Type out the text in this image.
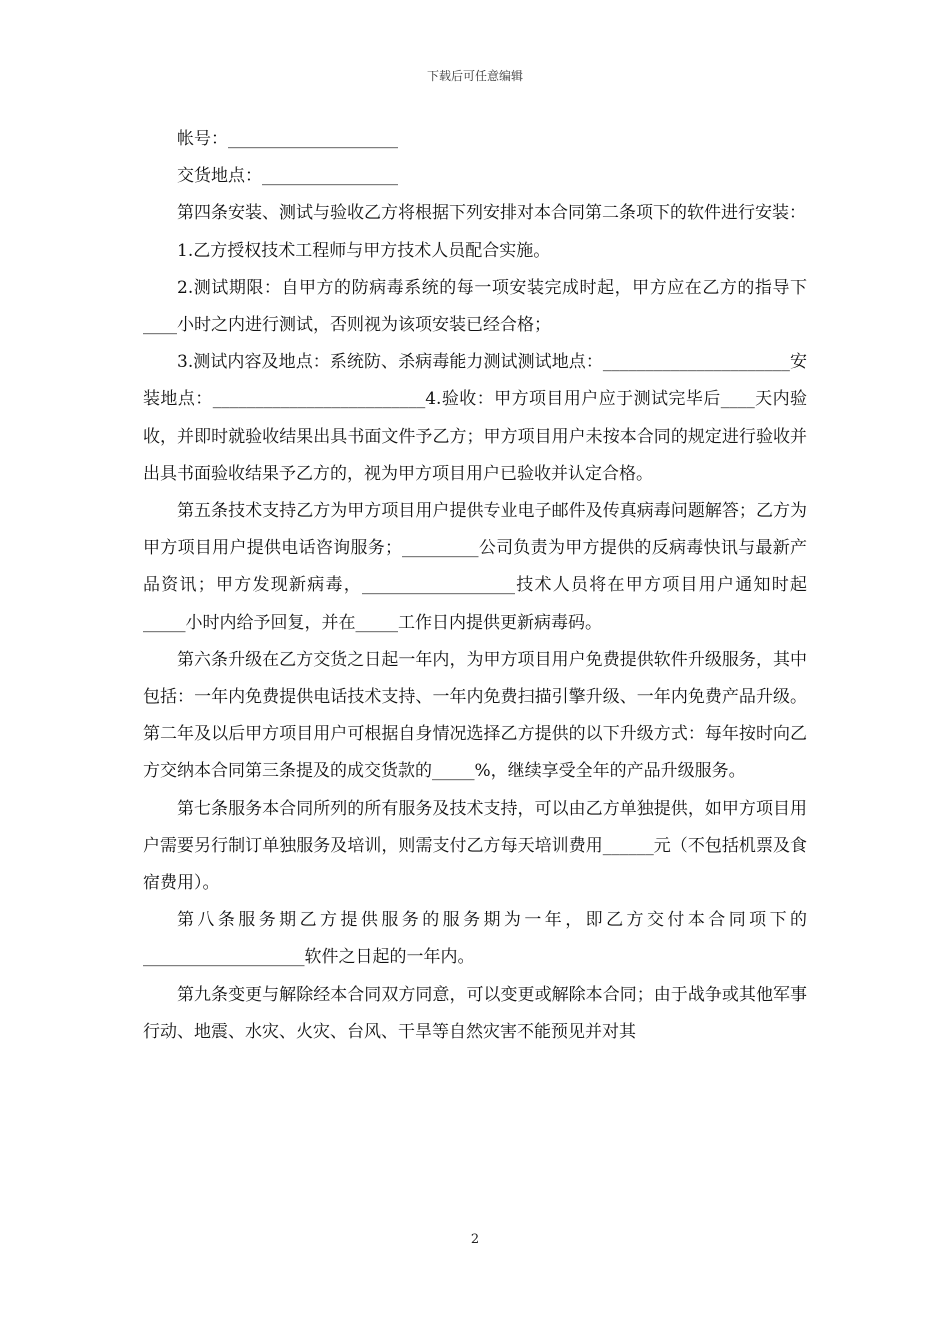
下载后可任意编辑

帐号：____________________

交货地点：________________

第四条安装、测试与验收乙方将根据下列安排对本合同第二条项下的软件进行安装：

1.乙方授权技术工程师与甲方技术人员配合实施。

2.测试期限：自甲方的防病毒系统的每一项安装完成时起，甲方应在乙方的指导下____小时之内进行测试，否则视为该项安装已经合格；

3.测试内容及地点：系统防、杀病毒能力测试测试地点：______________________安装地点：_________________________4.验收：甲方项目用户应于测试完毕后____天内验收，并即时就验收结果出具书面文件予乙方；甲方项目用户未按本合同的规定进行验收并出具书面验收结果予乙方的，视为甲方项目用户已验收并认定合格。

第五条技术支持乙方为甲方项目用户提供专业电子邮件及传真病毒问题解答；乙方为甲方项目用户提供电话咨询服务；_________公司负责为甲方提供的反病毒快讯与最新产品资讯；甲方发现新病毒，__________________技术人员将在甲方项目用户通知时起_____小时内给予回复，并在_____工作日内提供更新病毒码。

第六条升级在乙方交货之日起一年内，为甲方项目用户免费提供软件升级服务，其中包括：一年内免费提供电话技术支持、一年内免费扫描引擎升级、一年内免费产品升级。第二年及以后甲方项目用户可根据自身情况选择乙方提供的以下升级方式：每年按时向乙方交纳本合同第三条提及的成交货款的_____%，继续享受全年的产品升级服务。

第七条服务本合同所列的所有服务及技术支持，可以由乙方单独提供，如甲方项目用户需要另行制订单独服务及培训，则需支付乙方每天培训费用______元（不包括机票及食宿费用）。

第八条服务期乙方提供服务的服务期为一年，即乙方交付本合同项下的___________________软件之日起的一年内。

第九条变更与解除经本合同双方同意，可以变更或解除本合同；由于战争或其他军事行动、地震、水灾、火灾、台风、干旱等自然灾害不能预见并对其

2
